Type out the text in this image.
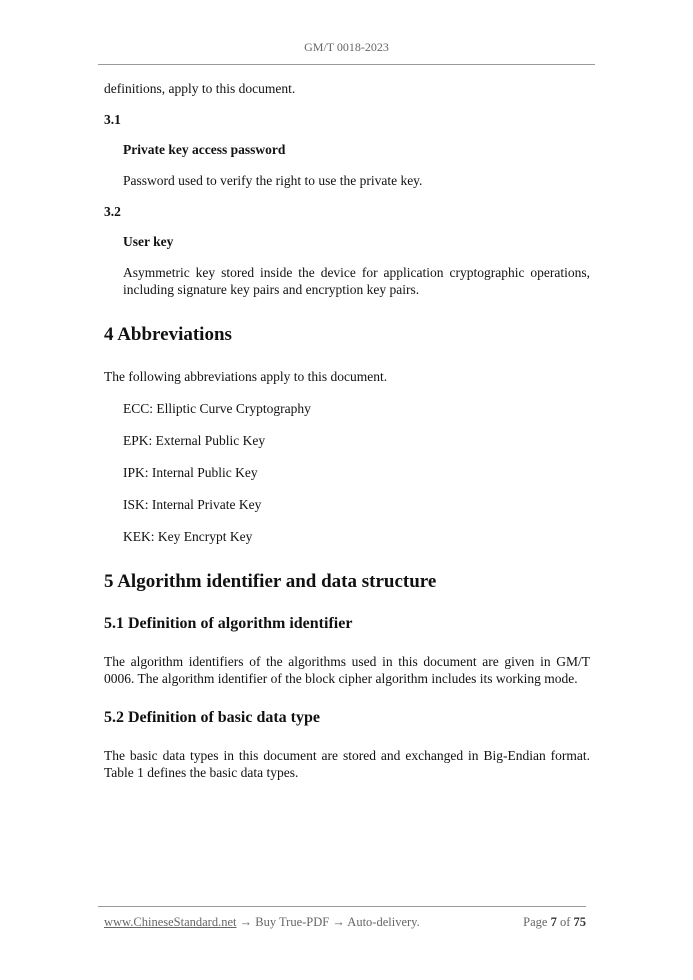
GM/T 0018-2023

definitions, apply to this document.

3.1

Private key access password

Password used to verify the right to use the private key.

3.2

User key

Asymmetric key stored inside the device for application cryptographic operations, including signature key pairs and encryption key pairs.

4 Abbreviations

The following abbreviations apply to this document.

ECC: Elliptic Curve Cryptography

EPK: External Public Key

IPK: Internal Public Key

ISK: Internal Private Key

KEK: Key Encrypt Key

5 Algorithm identifier and data structure
5.1 Definition of algorithm identifier

The algorithm identifiers of the algorithms used in this document are given in GM/T 0006. The algorithm identifier of the block cipher algorithm includes its working mode.

5.2 Definition of basic data type

The basic data types in this document are stored and exchanged in Big-Endian format. Table 1 defines the basic data types.

www.ChineseStandard.net → Buy True-PDF → Auto-delivery.	Page 7 of 75
